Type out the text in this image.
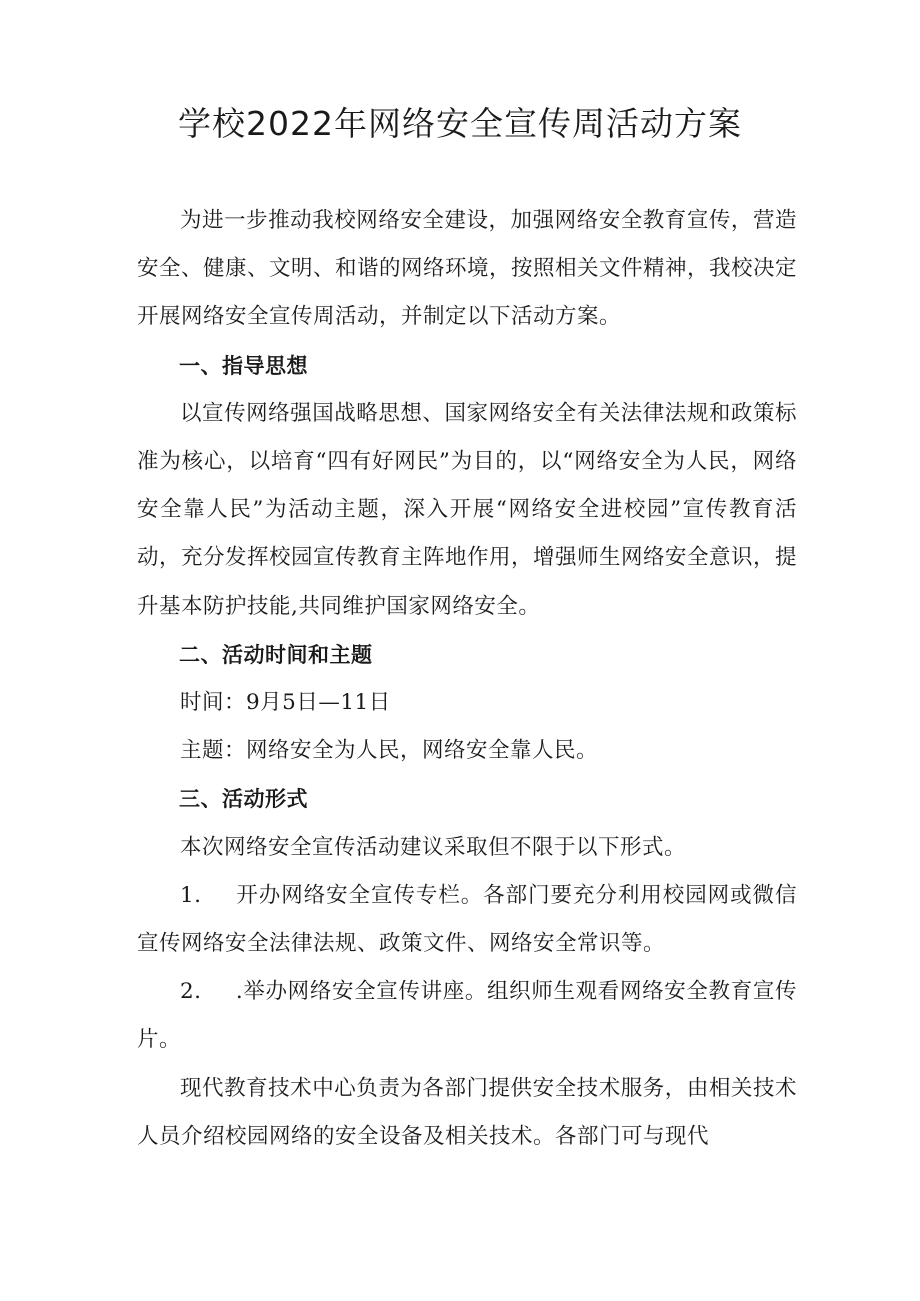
学校2022年网络安全宣传周活动方案

为进一步推动我校网络安全建设，加强网络安全教育宣传，营造安全、健康、文明、和谐的网络环境，按照相关文件精神，我校决定开展网络安全宣传周活动，并制定以下活动方案。

一、指导思想

以宣传网络强国战略思想、国家网络安全有关法律法规和政策标准为核心，以培育“四有好网民”为目的，以“网络安全为人民，网络安全靠人民”为活动主题，深入开展“网络安全进校园”宣传教育活动，充分发挥校园宣传教育主阵地作用，增强师生网络安全意识，提升基本防护技能,共同维护国家网络安全。

二、活动时间和主题

时间：9月5日—11日

主题：网络安全为人民，网络安全靠人民。

三、活动形式

本次网络安全宣传活动建议采取但不限于以下形式。

1. 开办网络安全宣传专栏。各部门要充分利用校园网或微信宣传网络安全法律法规、政策文件、网络安全常识等。

2. .举办网络安全宣传讲座。组织师生观看网络安全教育宣传片。

现代教育技术中心负责为各部门提供安全技术服务，由相关技术人员介绍校园网络的安全设备及相关技术。各部门可与现代
